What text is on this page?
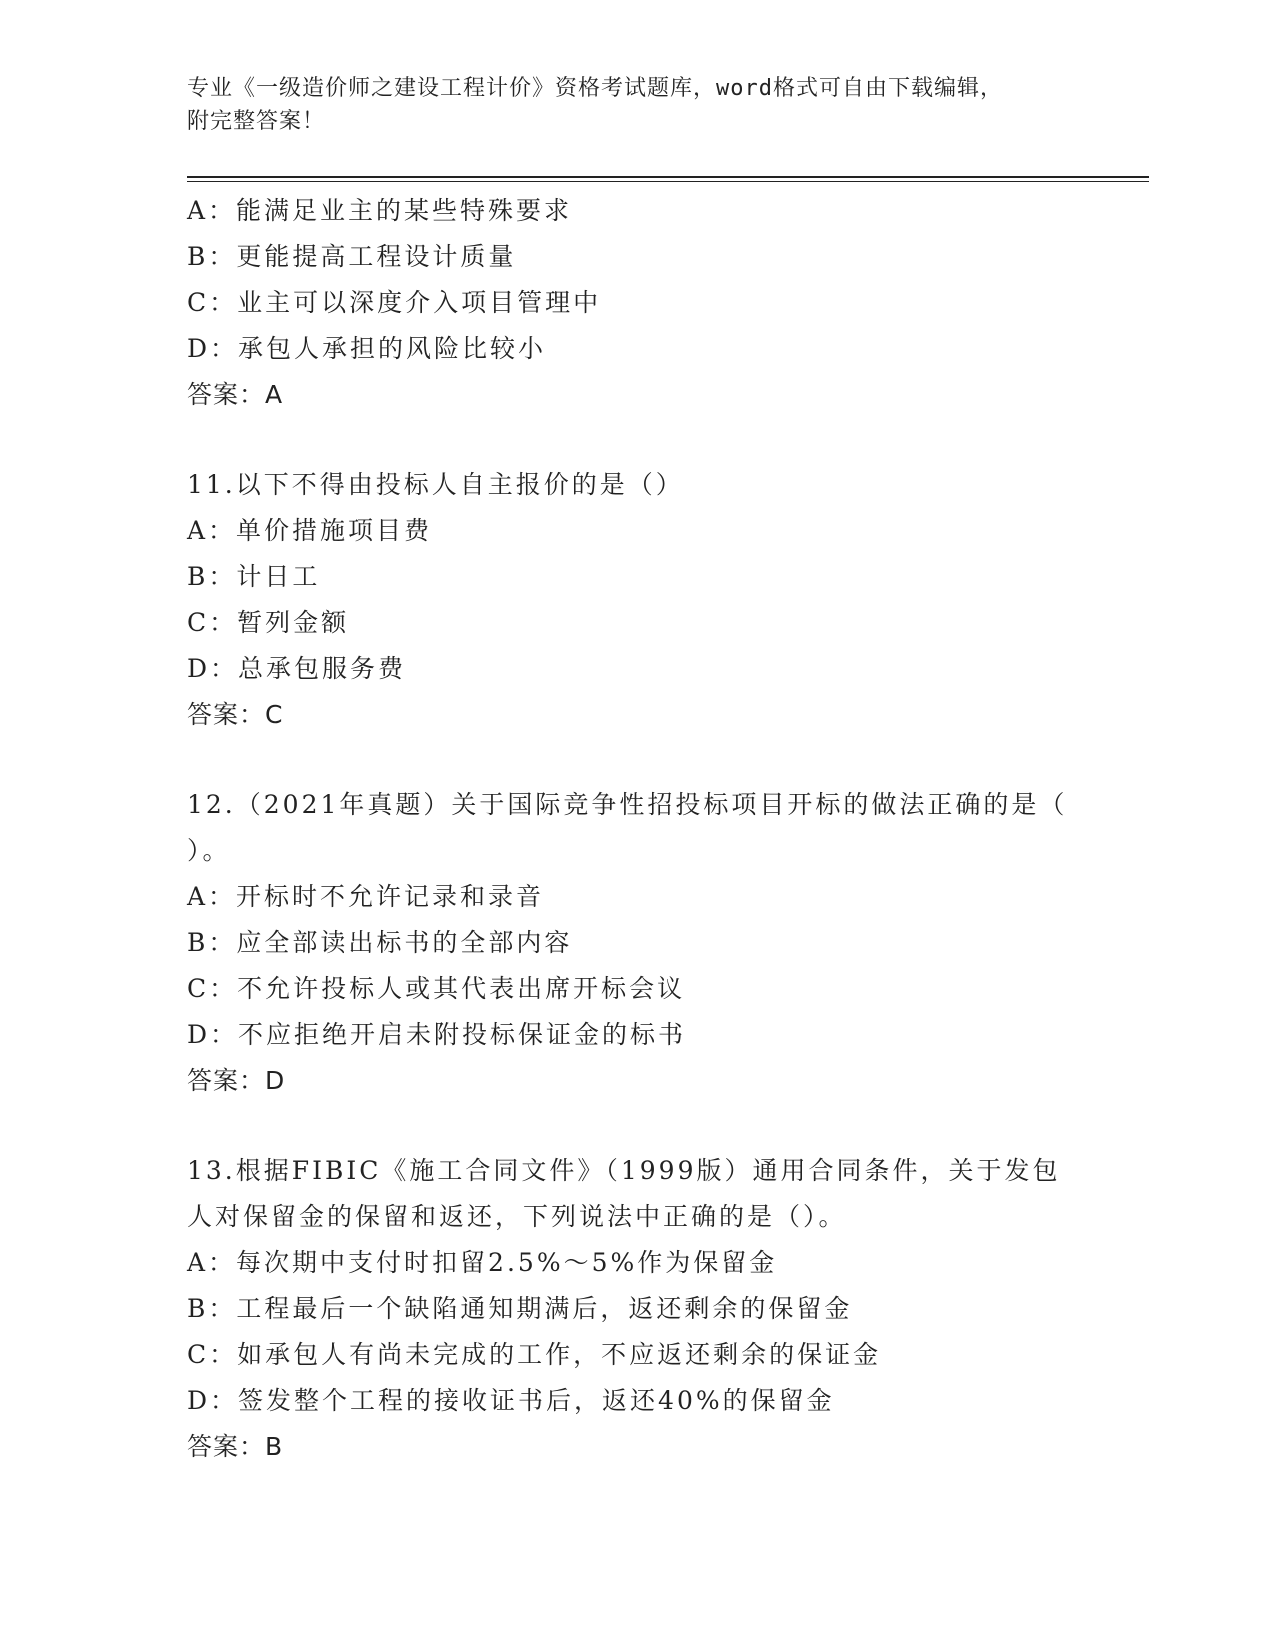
专业《一级造价师之建设工程计价》资格考试题库，word格式可自由下载编辑，
附完整答案！
A：能满足业主的某些特殊要求
B：更能提高工程设计质量
C：业主可以深度介入项目管理中
D：承包人承担的风险比较小
答案：A
11.以下不得由投标人自主报价的是（）
A：单价措施项目费
B：计日工
C：暂列金额
D：总承包服务费
答案：C
12.（2021年真题）关于国际竞争性招投标项目开标的做法正确的是（
）。
A：开标时不允许记录和录音
B：应全部读出标书的全部内容
C：不允许投标人或其代表出席开标会议
D：不应拒绝开启未附投标保证金的标书
答案：D
13.根据FIBIC《施工合同文件》（1999版）通用合同条件，关于发包
人对保留金的保留和返还，下列说法中正确的是（）。
A：每次期中支付时扣留2.5%～5%作为保留金
B：工程最后一个缺陷通知期满后，返还剩余的保留金
C：如承包人有尚未完成的工作，不应返还剩余的保证金
D：签发整个工程的接收证书后，返还40%的保留金
答案：B
